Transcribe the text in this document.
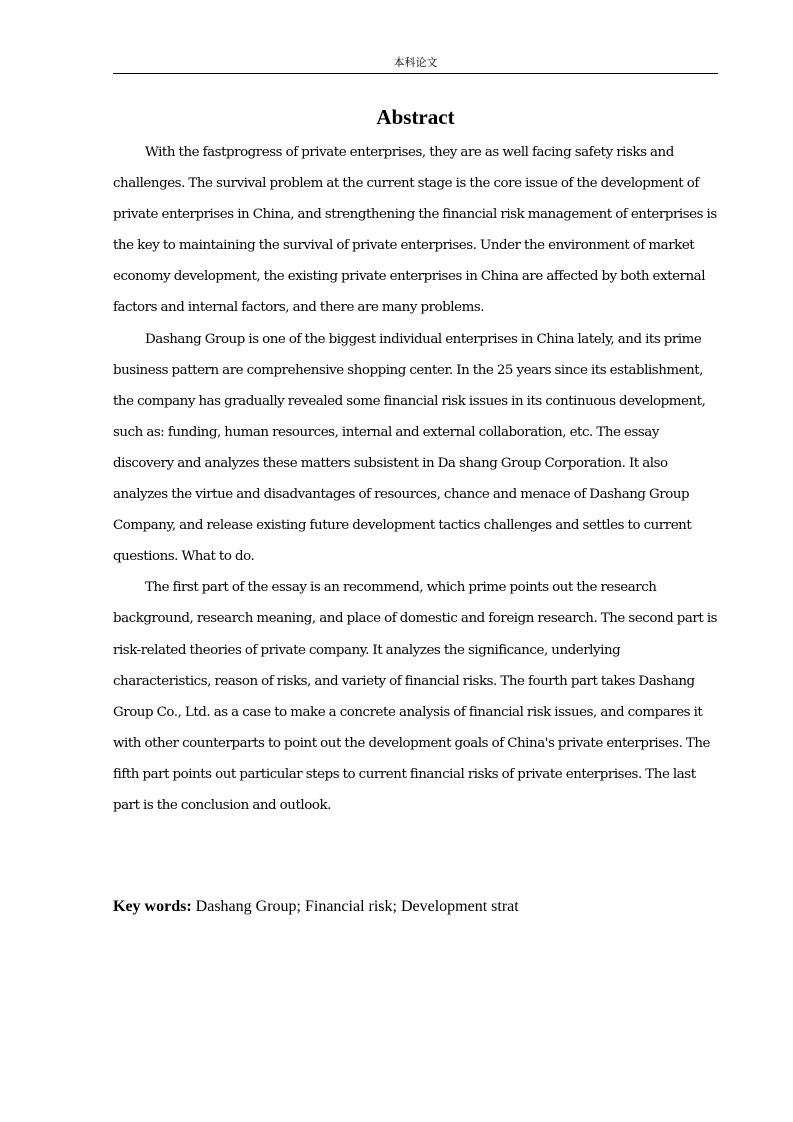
本科论文
Abstract

With the fastprogress of private enterprises, they are as well facing safety risks and challenges. The survival problem at the current stage is the core issue of the development of private enterprises in China, and strengthening the financial risk management of enterprises is the key to maintaining the survival of private enterprises. Under the environment of market economy development, the existing private enterprises in China are affected by both external factors and internal factors, and there are many problems.

Dashang Group is one of the biggest individual enterprises in China lately, and its prime business pattern are comprehensive shopping center. In the 25 years since its establishment, the company has gradually revealed some financial risk issues in its continuous development, such as: funding, human resources, internal and external collaboration, etc. The essay discovery and analyzes these matters subsistent in Da shang Group Corporation. It also analyzes the virtue and disadvantages of resources, chance and menace of Dashang Group Company, and release existing future development tactics challenges and settles to current questions. What to do.

The first part of the essay is an recommend, which prime points out the research background, research meaning, and place of domestic and foreign research. The second part is risk-related theories of private company. It analyzes the significance, underlying characteristics, reason of risks, and variety of financial risks. The fourth part takes Dashang Group Co., Ltd. as a case to make a concrete analysis of financial risk issues, and compares it with other counterparts to point out the development goals of China's private enterprises. The fifth part points out particular steps to current financial risks of private enterprises. The last part is the conclusion and outlook.

Key words: Dashang Group; Financial risk; Development strat
